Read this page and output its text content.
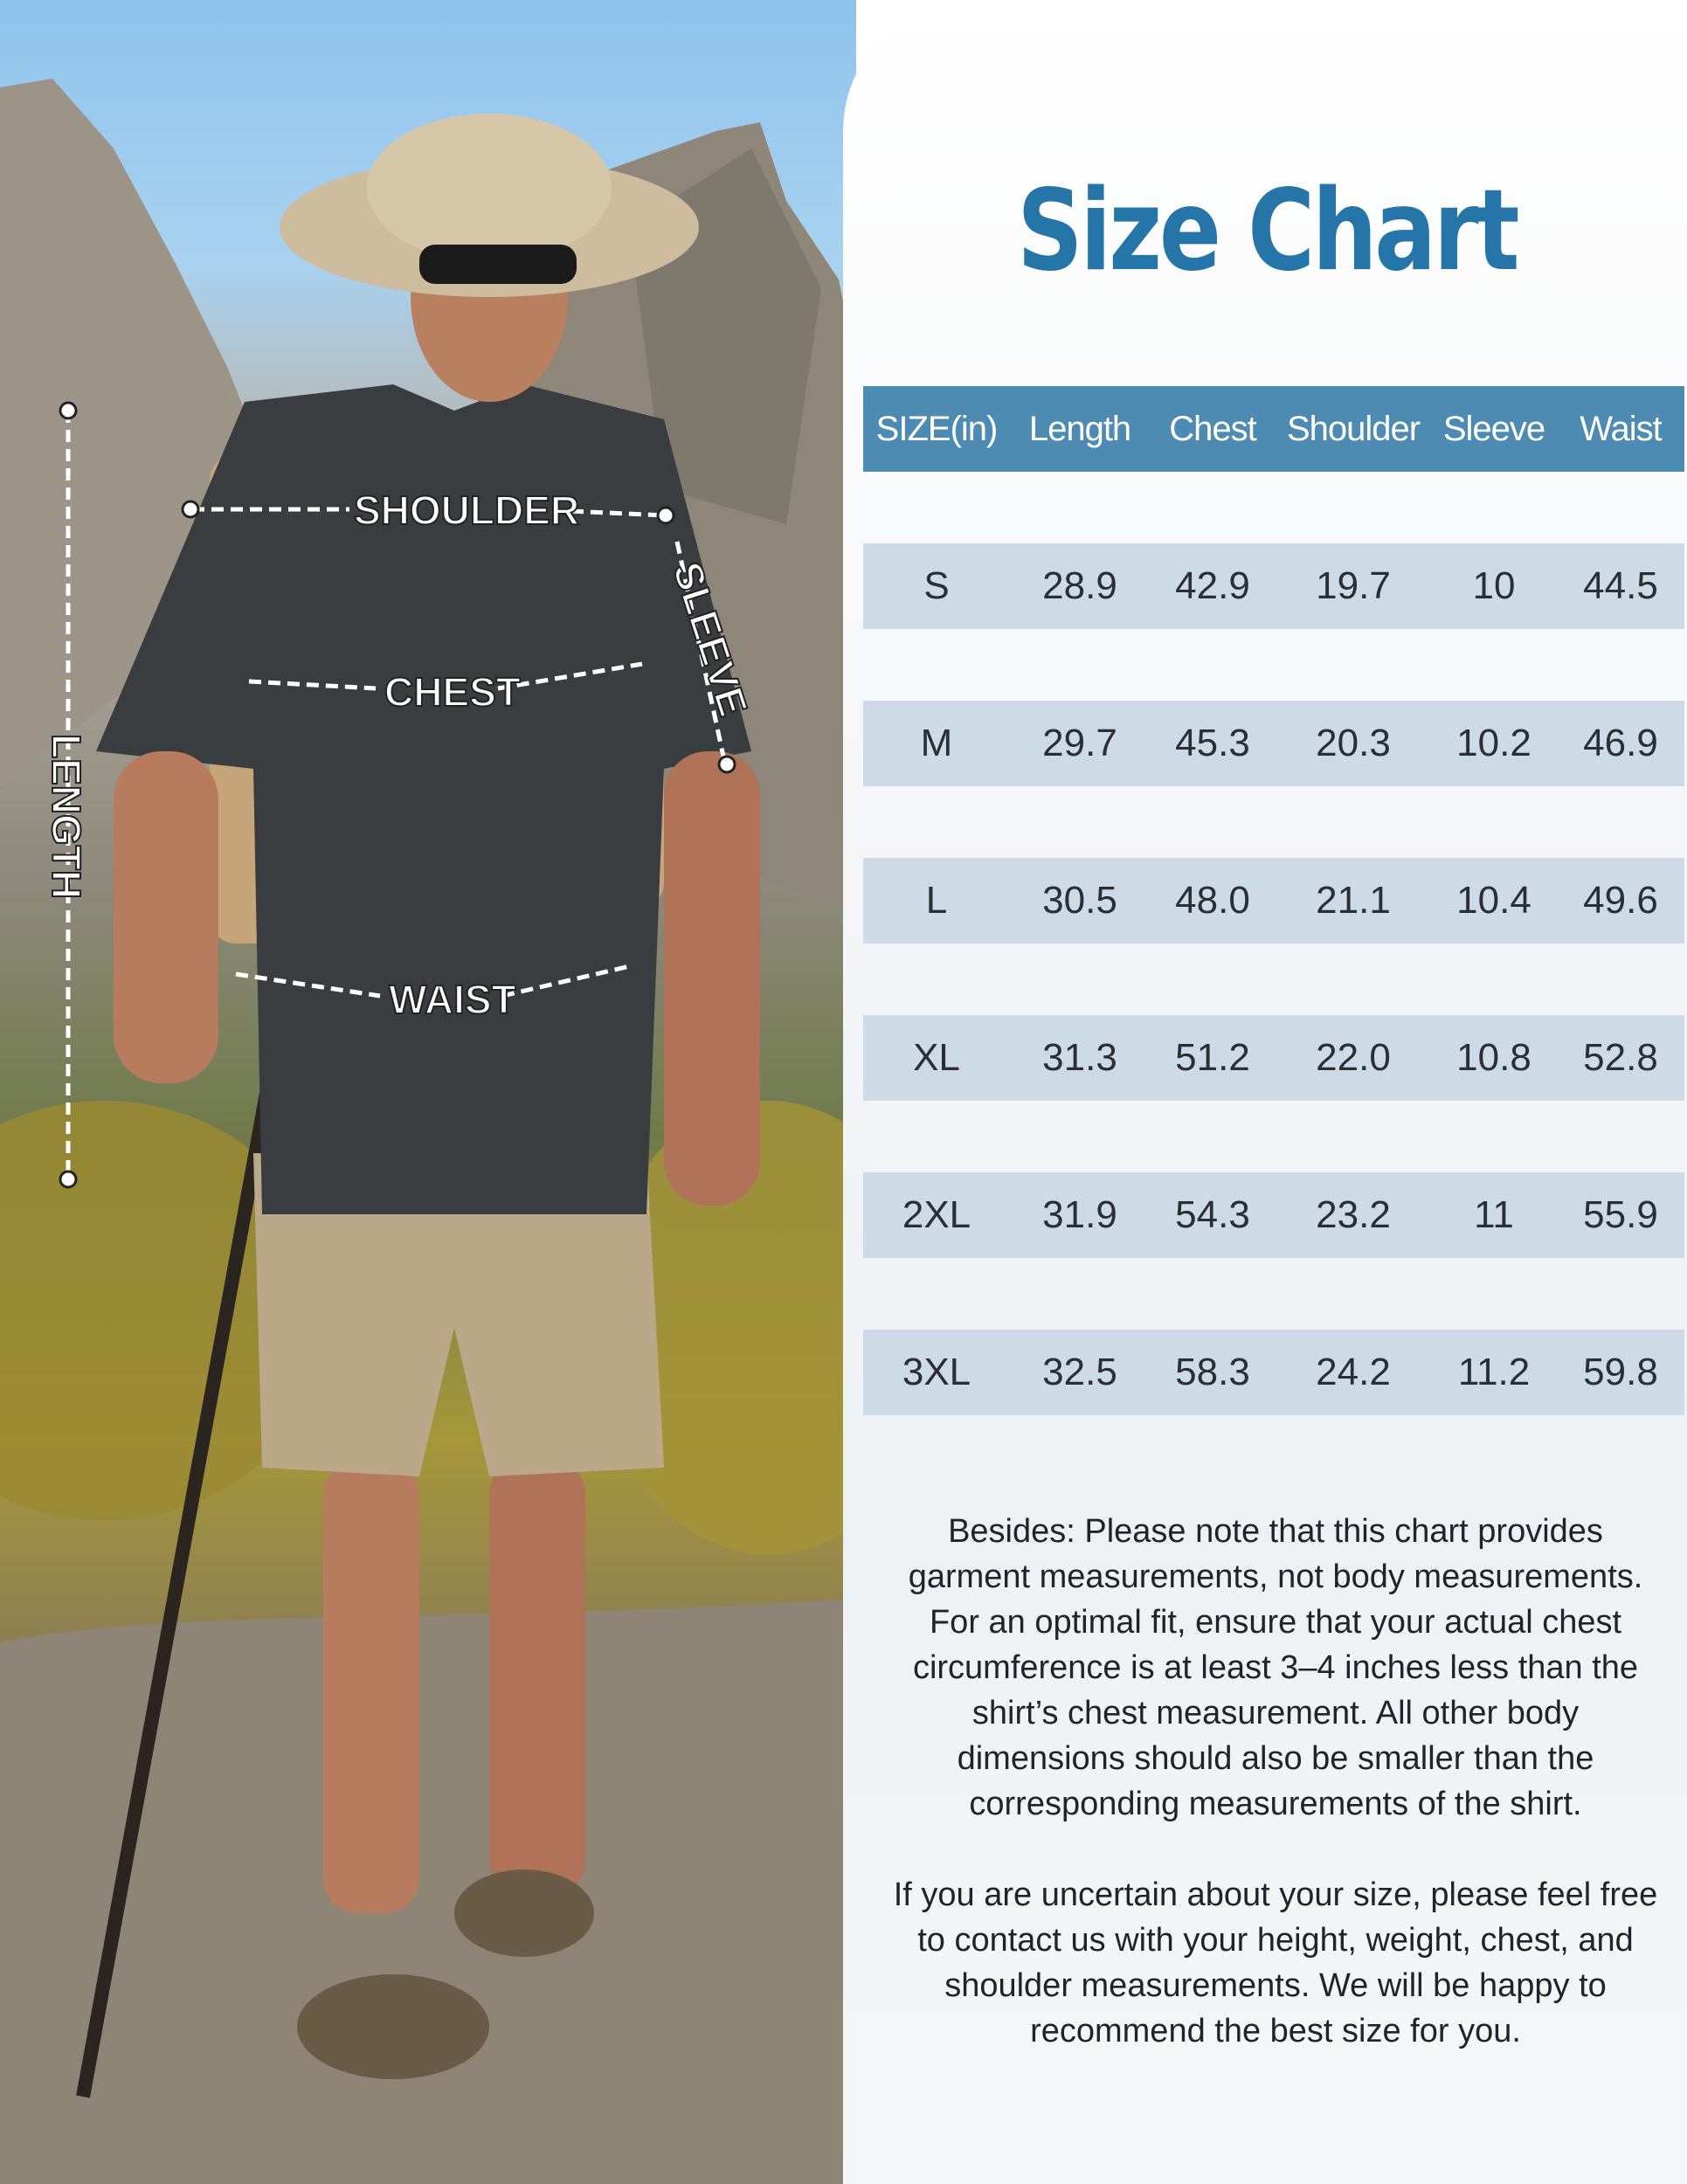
SHOULDER
CHEST
WAIST
SLEEVE
LENGTH
Size Chart
SIZE(in)	Length	Chest	Shoulder	Sleeve	Waist

S	28.9	42.9	19.7	10	44.5

M	29.7	45.3	20.3	10.2	46.9

L	30.5	48.0	21.1	10.4	49.6

XL	31.3	51.2	22.0	10.8	52.8

2XL	31.9	54.3	23.2	11	55.9

3XL	32.5	58.3	24.2	11.2	59.8
Besides: Please note that this chart provides garment measurements, not body measurements. For an optimal fit, ensure that your actual chest circumference is at least 3–4 inches less than the shirt’s chest measurement. All other body dimensions should also be smaller than the corresponding measurements of the shirt.
If you are uncertain about your size, please feel free to contact us with your height, weight, chest, and shoulder measurements. We will be happy to recommend the best size for you.
